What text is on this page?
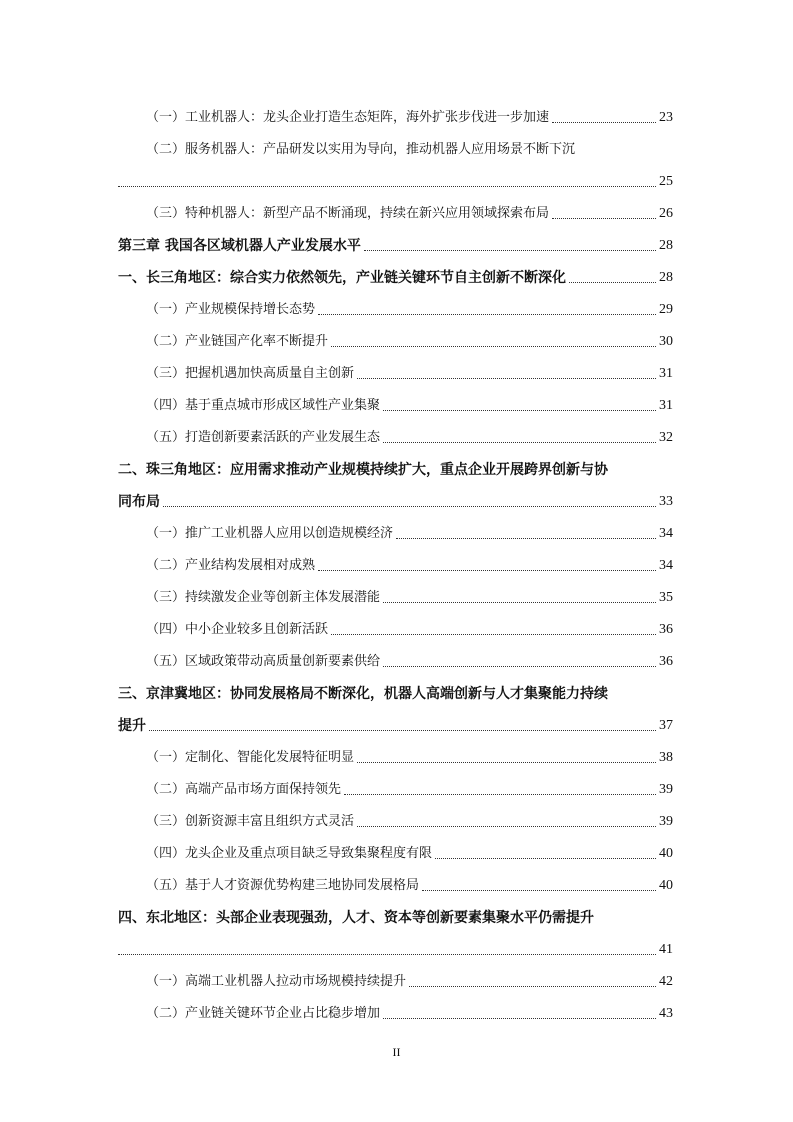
（一）工业机器人：龙头企业打造生态矩阵，海外扩张步伐进一步加速	23
（二）服务机器人：产品研发以实用为导向，推动机器人应用场景不断下沉
25
（三）特种机器人：新型产品不断涌现，持续在新兴应用领域探索布局	26
第三章 我国各区域机器人产业发展水平	28
一、长三角地区：综合实力依然领先，产业链关键环节自主创新不断深化	28
（一）产业规模保持增长态势	29
（二）产业链国产化率不断提升	30
（三）把握机遇加快高质量自主创新	31
（四）基于重点城市形成区域性产业集聚	31
（五）打造创新要素活跃的产业发展生态	32
二、珠三角地区：应用需求推动产业规模持续扩大，重点企业开展跨界创新与协
同布局	33
（一）推广工业机器人应用以创造规模经济	34
（二）产业结构发展相对成熟	34
（三）持续激发企业等创新主体发展潜能	35
（四）中小企业较多且创新活跃	36
（五）区域政策带动高质量创新要素供给	36
三、京津冀地区：协同发展格局不断深化，机器人高端创新与人才集聚能力持续
提升	37
（一）定制化、智能化发展特征明显	38
（二）高端产品市场方面保持领先	39
（三）创新资源丰富且组织方式灵活	39
（四）龙头企业及重点项目缺乏导致集聚程度有限	40
（五）基于人才资源优势构建三地协同发展格局	40
四、东北地区：头部企业表现强劲，人才、资本等创新要素集聚水平仍需提升
41
（一）高端工业机器人拉动市场规模持续提升	42
（二）产业链关键环节企业占比稳步增加	43
II
